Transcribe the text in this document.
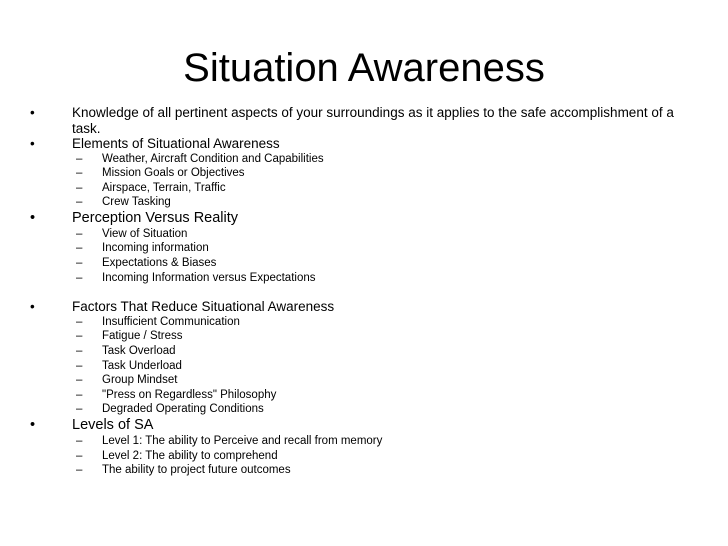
Situation Awareness
•	Knowledge of all pertinent aspects of your surroundings as it applies to the safe accomplishment of a task.
•	Elements of Situational Awareness
– Weather, Aircraft Condition and Capabilities
– Mission Goals or Objectives
– Airspace, Terrain, Traffic
– Crew Tasking
•	Perception Versus Reality
– View of Situation
– Incoming information
– Expectations & Biases
– Incoming Information versus Expectations
•	Factors That Reduce Situational Awareness
– Insufficient Communication
– Fatigue / Stress
– Task Overload
– Task Underload
– Group Mindset
– "Press on Regardless" Philosophy
– Degraded Operating Conditions
•	Levels of SA
– Level 1: The ability to Perceive and recall from memory
– Level 2: The ability to comprehend
– The ability to project future outcomes
